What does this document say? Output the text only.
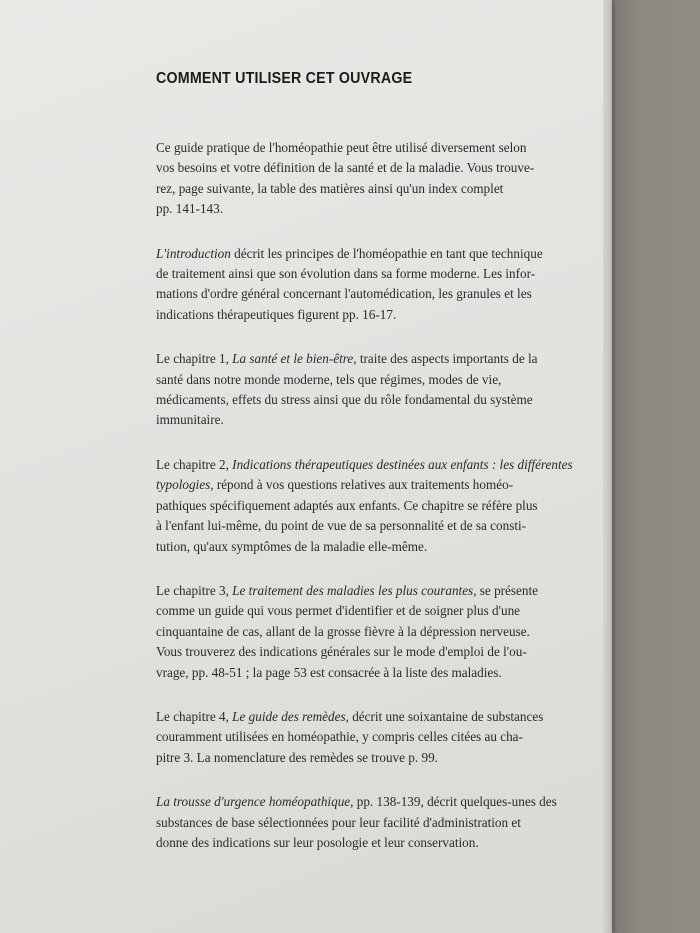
COMMENT UTILISER CET OUVRAGE
Ce guide pratique de l'homéopathie peut être utilisé diversement selon
vos besoins et votre définition de la santé et de la maladie. Vous trouve-
rez, page suivante, la table des matières ainsi qu'un index complet
pp. 141-143.
L'introduction décrit les principes de l'homéopathie en tant que technique
de traitement ainsi que son évolution dans sa forme moderne. Les infor-
mations d'ordre général concernant l'automédication, les granules et les
indications thérapeutiques figurent pp. 16-17.
Le chapitre 1, La santé et le bien-être, traite des aspects importants de la
santé dans notre monde moderne, tels que régimes, modes de vie,
médicaments, effets du stress ainsi que du rôle fondamental du système
immunitaire.
Le chapitre 2, Indications thérapeutiques destinées aux enfants : les différentes
typologies, répond à vos questions relatives aux traitements homéo-
pathiques spécifiquement adaptés aux enfants. Ce chapitre se réfère plus
à l'enfant lui-même, du point de vue de sa personnalité et de sa consti-
tution, qu'aux symptômes de la maladie elle-même.
Le chapitre 3, Le traitement des maladies les plus courantes, se présente
comme un guide qui vous permet d'identifier et de soigner plus d'une
cinquantaine de cas, allant de la grosse fièvre à la dépression nerveuse.
Vous trouverez des indications générales sur le mode d'emploi de l'ou-
vrage, pp. 48-51 ; la page 53 est consacrée à la liste des maladies.
Le chapitre 4, Le guide des remèdes, décrit une soixantaine de substances
couramment utilisées en homéopathie, y compris celles citées au cha-
pitre 3. La nomenclature des remèdes se trouve p. 99.
La trousse d'urgence homéopathique, pp. 138-139, décrit quelques-unes des
substances de base sélectionnées pour leur facilité d'administration et
donne des indications sur leur posologie et leur conservation.
